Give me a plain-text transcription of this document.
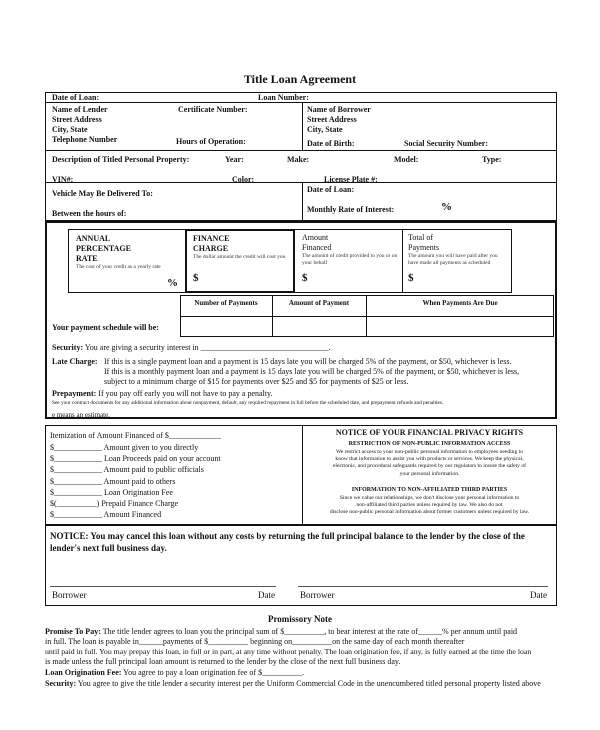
Title Loan Agreement
Date of Loan:	Loan Number:
Name of Lender
Street Address
City, State
Telephone Number
Certificate Number:
Hours of Operation:
Name of Borrower
Street Address
City, State
Date of Birth:	Social Security Number:
Description of Titled Personal Property:	Year:	Make:	Model:	Type:
VIN#:	Color:	License Plate #:
Vehicle May Be Delivered To:
Between the hours of:
Date of Loan:
Monthly Rate of Interest:	%
ANNUAL
PERCENTAGE
RATE
The cost of your credit as a yearly rate
%
FINANCE
CHARGE
The dollar amount the credit will cost you
$
Amount
Financed
The amount of credit provided to you or on your behalf
$
Total of
Payments
The amount you will have paid after you have made all payments as scheduled
$
Number of Payments	Amount of Payment	When Payments Are Due
Your payment schedule will be:
Security: You are giving a security interest in ________________________________.
Late Charge: If this is a single payment loan and a payment is 15 days late you will be charged 5% of the payment, or $50, whichever is less.
If this is a monthly payment loan and a payment is 15 days late you will be charged 5% of the payment, or $50, whichever is less,
subject to a minimum charge of $15 for payments over $25 and $5 for payments of $25 or less.
Prepayment: If you pay off early you will not have to pay a penalty.
See your contract documents for any additional information about nonpayment, default, any required repayment in full before the scheduled date, and prepayment refunds and penalties.
e means an estimate.
Itemization of Amount Financed of $_____________
$____________ Amount given to you directly
$____________ Loan Proceeds paid on your account
$____________ Amount paid to public officials
$____________ Amount paid to others
$____________ Loan Origination Fee
$(__________) Prepaid Finance Charge
$____________ Amount Financed
NOTICE OF YOUR FINANCIAL PRIVACY RIGHTS
RESTRICTION OF NON-PUBLIC INFORMATION ACCESS
We restrict access to your non-public personal information to employees needing to
know that information to assist you with products or services. We keep the physical,
electronic, and procedural safeguards required by our regulators to insure the safety of
your personal information.
INFORMATION TO NON-AFFILIATED THIRD PARTIES
Since we value our relationships, we don't disclose your personal information to
non-affiliated third parties unless required by law. We also do not
disclose non-public personal information about former customers unless required by law.
NOTICE: You may cancel this loan without any costs by returning the full principal balance to the lender by the close of the lender's next full business day.
Borrower	Date	Borrower	Date
Promissory Note
Promise To Pay: The title lender agrees to loan you the principal sum of $__________, to bear interest at the rate of______% per annum until paid
in full. The loan is payable in______payments of $__________ beginning on__________on the same day of each month thereafter
until paid in full. You may prepay this loan, in full or in part, at any time without penalty. The loan origination fee, if any, is fully earned at the time the loan
is made unless the full principal loan amount is returned to the lender by the close of the next full business day.
Loan Origination Fee: You agree to pay a loan origination fee of $__________.
Security: You agree to give the title lender a security interest per the Uniform Commercial Code in the unencumbered titled personal property listed above
